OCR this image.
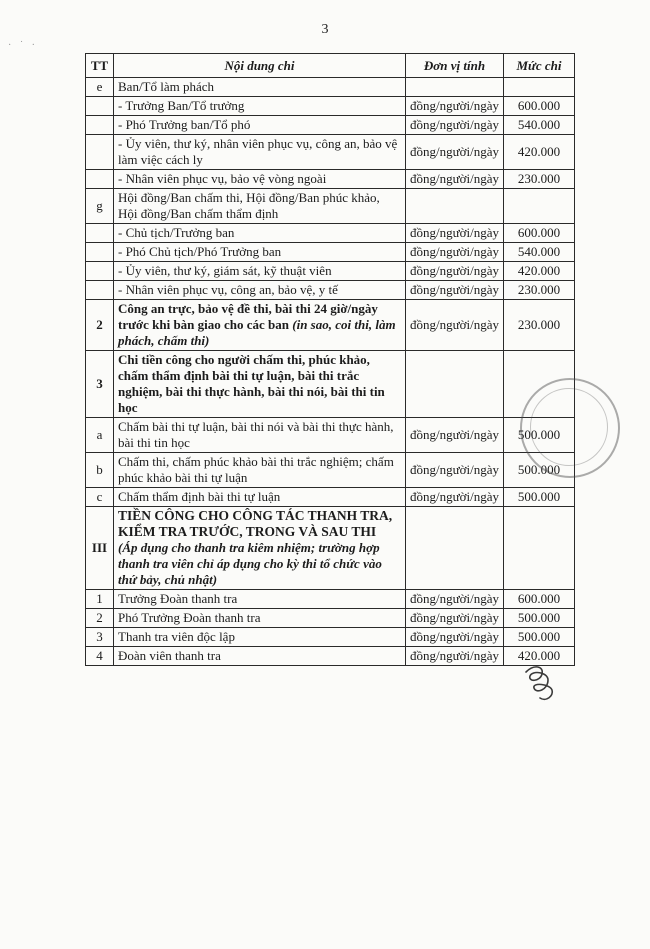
3
· ˙ ·
TT	Nội dung chi	Đơn vị tính	Mức chi
e	Ban/Tổ làm phách		
	- Trưởng Ban/Tổ trưởng	đồng/người/ngày	600.000
	- Phó Trưởng ban/Tổ phó	đồng/người/ngày	540.000
	- Ủy viên, thư ký, nhân viên phục vụ, công an, bảo vệ làm việc cách ly	đồng/người/ngày	420.000
	- Nhân viên phục vụ, bảo vệ vòng ngoài	đồng/người/ngày	230.000
g	Hội đồng/Ban chấm thi, Hội đồng/Ban phúc khảo, Hội đồng/Ban chấm thẩm định		
	- Chủ tịch/Trưởng ban	đồng/người/ngày	600.000
	- Phó Chủ tịch/Phó Trưởng ban	đồng/người/ngày	540.000
	- Ủy viên, thư ký, giám sát, kỹ thuật viên	đồng/người/ngày	420.000
	- Nhân viên phục vụ, công an, bảo vệ, y tế	đồng/người/ngày	230.000
2	Công an trực, bảo vệ đề thi, bài thi 24 giờ/ngày trước khi bàn giao cho các ban (in sao, coi thi, làm phách, chấm thi)	đồng/người/ngày	230.000
3	Chi tiền công cho người chấm thi, phúc khảo, chấm thẩm định bài thi tự luận, bài thi trắc nghiệm, bài thi thực hành, bài thi nói, bài thi tin học		
a	Chấm bài thi tự luận, bài thi nói và bài thi thực hành, bài thi tin học	đồng/người/ngày	500.000
b	Chấm thi, chấm phúc khảo bài thi trắc nghiệm; chấm phúc khảo bài thi tự luận	đồng/người/ngày	500.000
c	Chấm thẩm định bài thi tự luận	đồng/người/ngày	500.000
III	TIỀN CÔNG CHO CÔNG TÁC THANH TRA, KIỂM TRA TRƯỚC, TRONG VÀ SAU THI
(Áp dụng cho thanh tra kiêm nhiệm; trường hợp thanh tra viên chỉ áp dụng cho kỳ thi tổ chức vào thứ bảy, chủ nhật)		

1	Trưởng Đoàn thanh tra	đồng/người/ngày	600.000
2	Phó Trưởng Đoàn thanh tra	đồng/người/ngày	500.000
3	Thanh tra viên độc lập	đồng/người/ngày	500.000
4	Đoàn viên thanh tra	đồng/người/ngày	420.000
